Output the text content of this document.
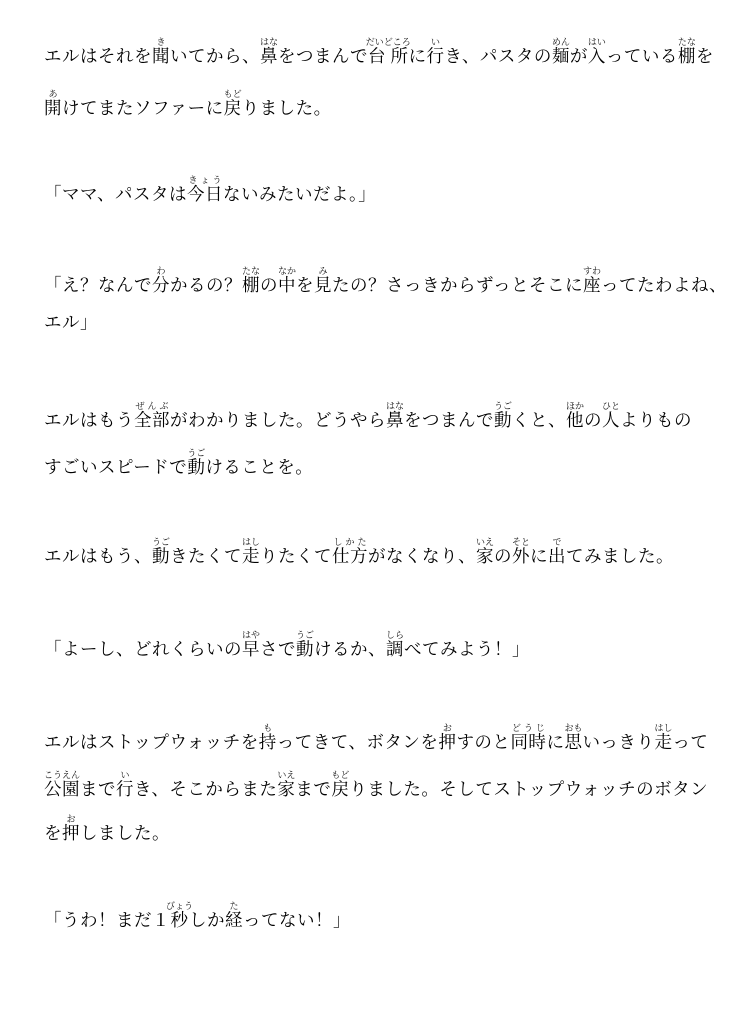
エルはそれを聞きいてから、鼻はなをつまんで台所だいどころに行いき、パスタの麺めんが入はいっている棚たなを
開あけてまたソファーに戻もどりました。
「ママ、パスタは今日きょうないみたいだよ。」
「え？なんで分わかるの？棚たなの中なかを見みたの？さっきからずっとそこに座すわってたわよね、
エル」
エルはもう全部ぜんぶがわかりました。どうやら鼻はなをつまんで動うごくと、他ほかの人ひとよりもの
すごいスピードで動うごけることを。
エルはもう、動うごきたくて走はしりたくて仕方しかたがなくなり、家いえの外そとに出でてみました。
「よーし、どれくらいの早はやさで動うごけるか、調しらべてみよう！」
エルはストップウォッチを持もってきて、ボタンを押おすのと同時どうじに思おもいっきり走はしって
公園こうえんまで行いき、そこからまた家いえまで戻もどりました。そしてストップウォッチのボタン
を押おしました。
「うわ！まだ１秒びょうしか経たってない！」
